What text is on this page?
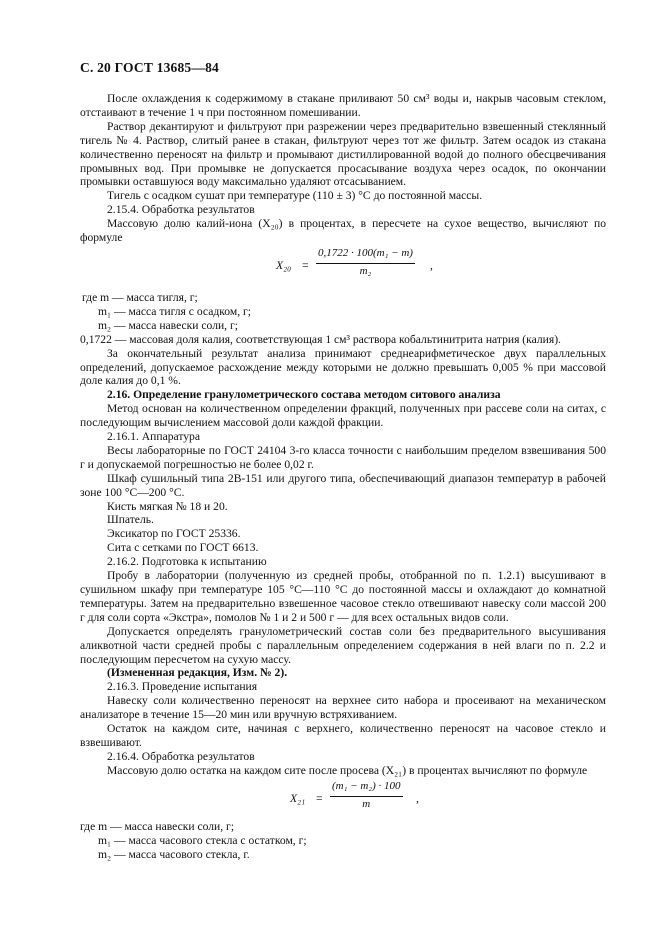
С. 20 ГОСТ 13685—84

После охлаждения к содержимому в стакане приливают 50 см³ воды и, накрыв часовым стеклом, отстаивают в течение 1 ч при постоянном помешивании.

Раствор декантируют и фильтруют при разрежении через предварительно взвешенный стеклянный тигель № 4. Раствор, слитый ранее в стакан, фильтруют через тот же фильтр. Затем осадок из стакана количественно переносят на фильтр и промывают дистиллированной водой до полного обесцвечивания промывных вод. При промывке не допускается просасывание воздуха через осадок, по окончании промывки оставшуюся воду максимально удаляют отсасыванием.

Тигель с осадком сушат при температуре (110 ± 3) °С до постоянной массы.

2.15.4. Обработка результатов

Массовую долю калий-иона (X₂₀) в процентах, в пересчете на сухое вещество, вычисляют по формуле

X₂₀ =
0,1722 · 100(m₁ − m)
m₂	,

где m — масса тигля, г;

m₁ — масса тигля с осадком, г;

m₂ — масса навески соли, г;

0,1722 — массовая доля калия, соответствующая 1 см³ раствора кобальтинитрита натрия (калия).

За окончательный результат анализа принимают среднеарифметическое двух параллельных определений, допускаемое расхождение между которыми не должно превышать 0,005 % при массовой доле калия до 0,1 %.

2.16. Определение гранулометрического состава методом ситового анализа

Метод основан на количественном определении фракций, полученных при рассеве соли на ситах, с последующим вычислением массовой доли каждой фракции.

2.16.1. Аппаратура

Весы лабораторные по ГОСТ 24104 3-го класса точности с наибольшим пределом взвешивания 500 г и допускаемой погрешностью не более 0,02 г.

Шкаф сушильный типа 2В-151 или другого типа, обеспечивающий диапазон температур в рабочей зоне 100 °С—200 °С.

Кисть мягкая № 18 и 20.

Шпатель.

Эксикатор по ГОСТ 25336.

Сита с сетками по ГОСТ 6613.

2.16.2. Подготовка к испытанию

Пробу в лаборатории (полученную из средней пробы, отобранной по п. 1.2.1) высушивают в сушильном шкафу при температуре 105 °С—110 °С до постоянной массы и охлаждают до комнатной температуры. Затем на предварительно взвешенное часовое стекло отвешивают навеску соли массой 200 г для соли сорта «Экстра», помолов № 1 и 2 и 500 г — для всех остальных видов соли.

Допускается определять гранулометрический состав соли без предварительного высушивания аликвотной части средней пробы с параллельным определением содержания в ней влаги по п. 2.2 и последующим пересчетом на сухую массу.

(Измененная редакция, Изм. № 2).

2.16.3. Проведение испытания

Навеску соли количественно переносят на верхнее сито набора и просеивают на механическом анализаторе в течение 15—20 мин или вручную встряхиванием.

Остаток на каждом сите, начиная с верхнего, количественно переносят на часовое стекло и взвешивают.

2.16.4. Обработка результатов

Массовую долю остатка на каждом сите после просева (X₂₁) в процентах вычисляют по формуле

X₂₁ =
(m₁ − m₂) · 100
m	,

где m — масса навески соли, г;

m₁ — масса часового стекла с остатком, г;

m₂ — масса часового стекла, г.
